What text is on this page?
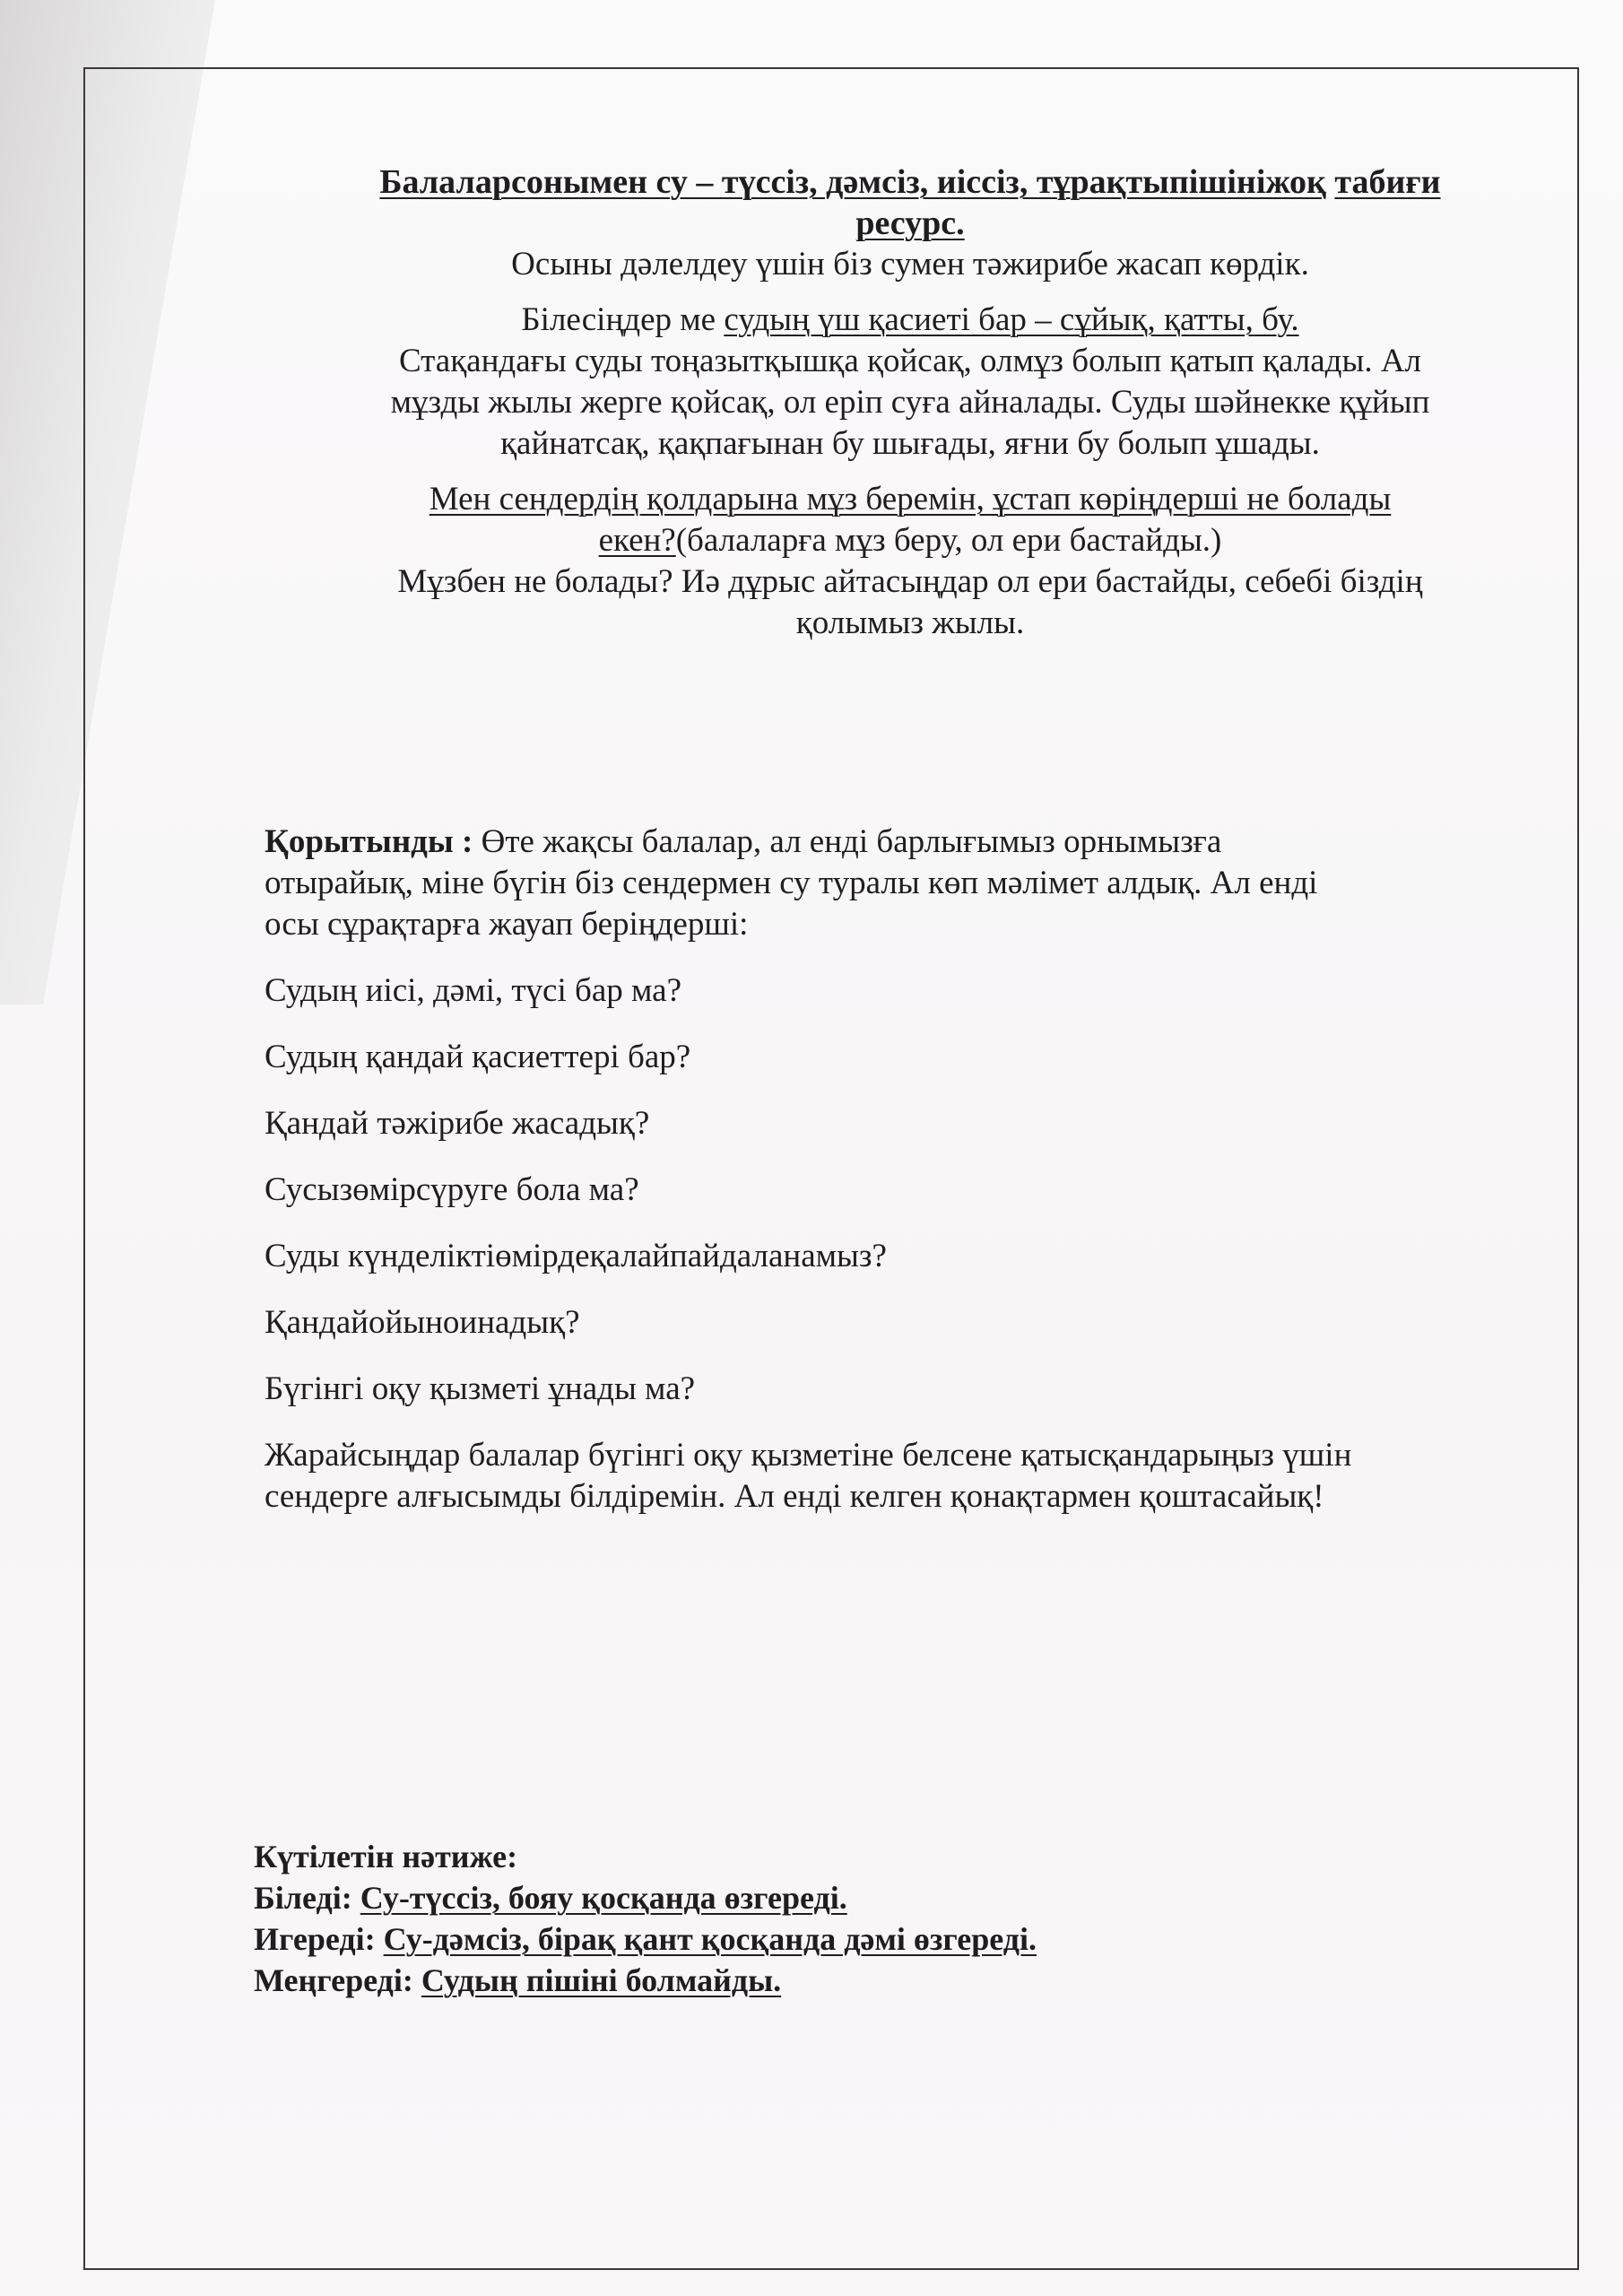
Балаларсонымен су – түссіз, дәмсіз, иіссіз, тұрақтыпішініжоқ табиғи
ресурс.

Осыны дәлелдеу үшін біз сумен тәжирибе жасап көрдік.

Білесіңдер ме судың үш қасиеті бар – сұйық, қатты, бу.

Стақандағы суды тоңазытқышқа қойсақ, олмұз болып қатып қалады. Ал

мұзды жылы жерге қойсақ, ол еріп суға айналады. Суды шәйнекке құйып

қайнатсақ, қақпағынан бу шығады, яғни бу болып ұшады.

Мен сендердің қолдарына мұз беремін, ұстап көріңдерші не болады

екен?(балаларға мұз беру, ол ери бастайды.)

Мұзбен не болады? Иә дұрыс айтасыңдар ол ери бастайды, себебі біздің

қолымыз жылы.

Қорытынды : Өте жақсы балалар, ал енді барлығымыз орнымызға
отырайық, міне бүгін біз сендермен су туралы көп мәлімет алдық. Ал енді
осы сұрақтарға жауап беріңдерші:

Судың иісі, дәмі, түсі бар ма?

Судың қандай қасиеттері бар?

Қандай тәжірибе жасадық?

Сусызөмірсүруге бола ма?

Суды күнделіктіөмірдеқалайпайдаланамыз?

Қандайойыноинадық?

Бүгінгі оқу қызметі ұнады ма?

Жарайсыңдар балалар бүгінгі оқу қызметіне белсене қатысқандарыңыз үшін
сендерге алғысымды білдіремін. Ал енді келген қонақтармен қоштасайық!

Күтілетін нәтиже:

Біледі: Су-түссіз, бояу қосқанда өзгереді.

Игереді: Су-дәмсіз, бірақ қант қосқанда дәмі өзгереді.

Меңгереді: Судың пішіні болмайды.
